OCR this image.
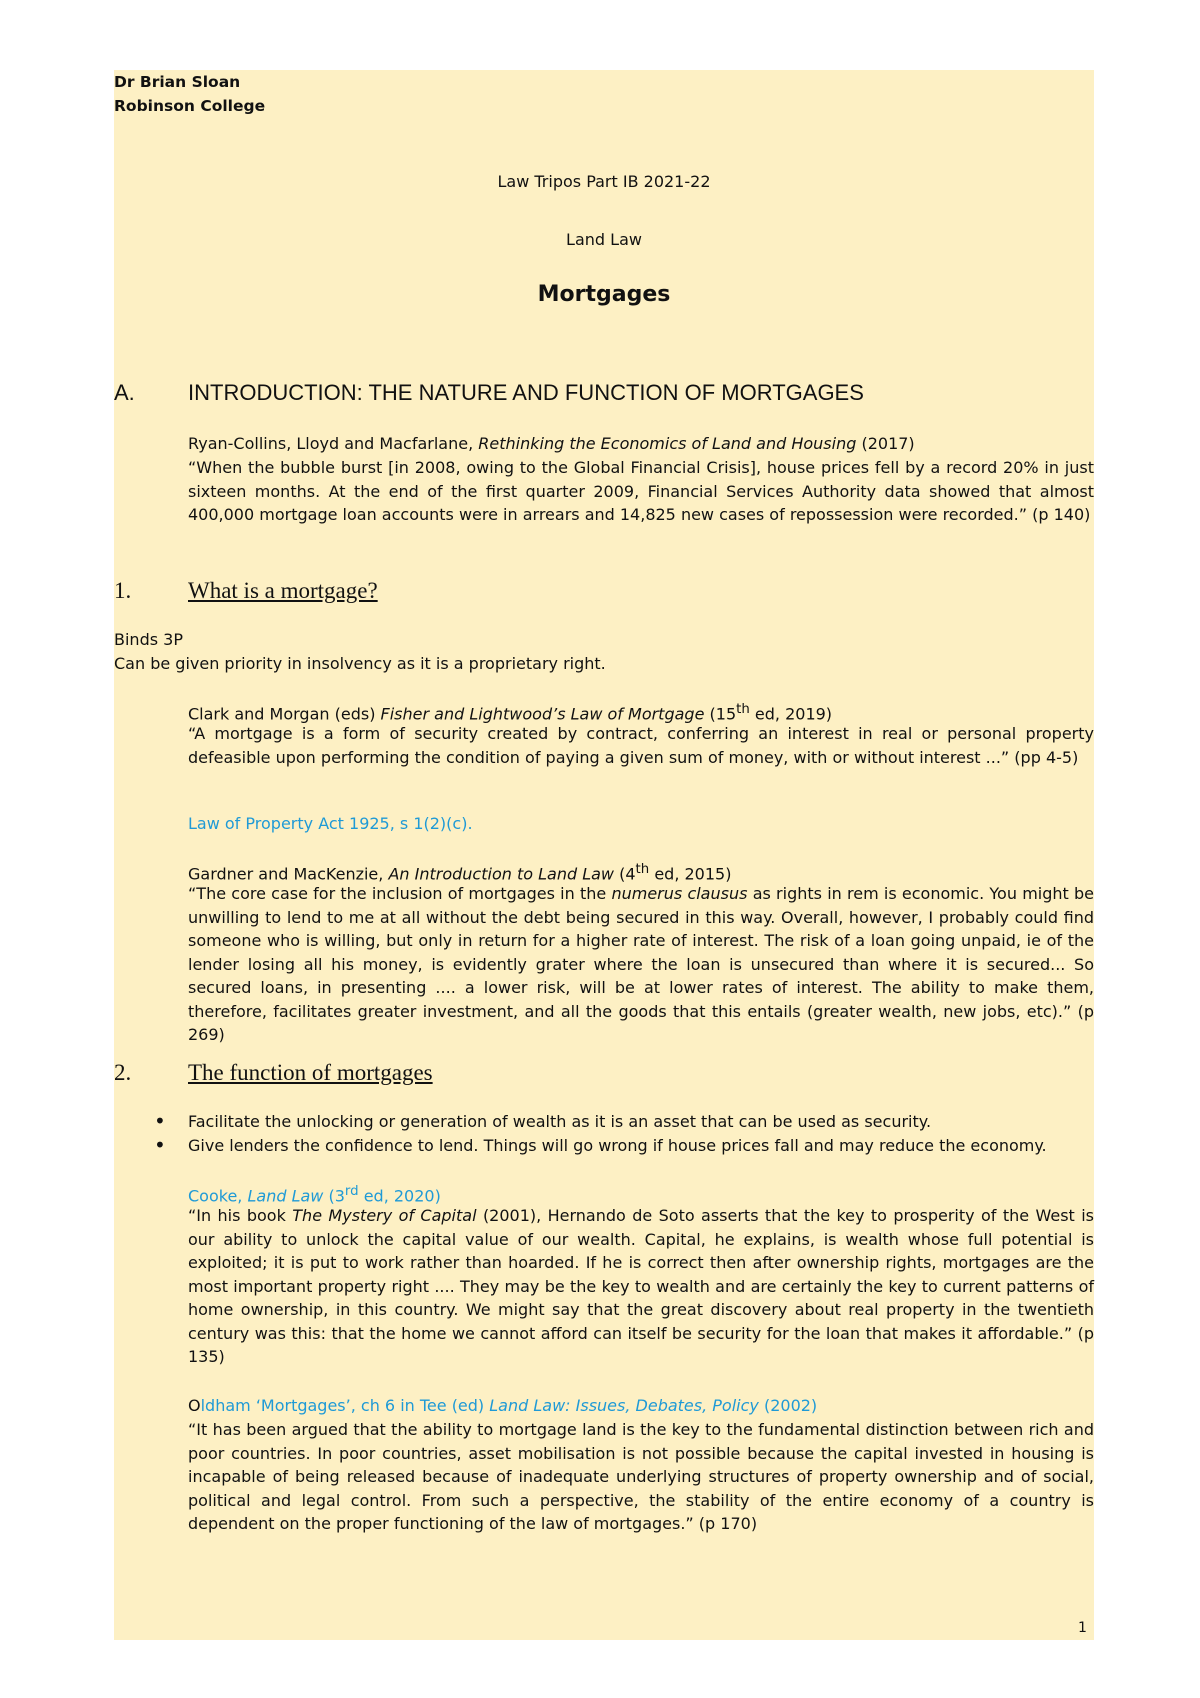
Dr Brian Sloan
Robinson College
Law Tripos Part IB 2021-22
Land Law
Mortgages
A. INTRODUCTION: THE NATURE AND FUNCTION OF MORTGAGES
Ryan-Collins, Lloyd and Macfarlane, Rethinking the Economics of Land and Housing (2017)
“When the bubble burst [in 2008, owing to the Global Financial Crisis], house prices fell by a record 20% in just sixteen months. At the end of the first quarter 2009, Financial Services Authority data showed that almost 400,000 mortgage loan accounts were in arrears and 14,825 new cases of repossession were recorded.” (p 140)
1. What is a mortgage?
Binds 3P
Can be given priority in insolvency as it is a proprietary right.
Clark and Morgan (eds) Fisher and Lightwood’s Law of Mortgage (15th ed, 2019)
“A mortgage is a form of security created by contract, conferring an interest in real or personal property defeasible upon performing the condition of paying a given sum of money, with or without interest ...” (pp 4-5)
Law of Property Act 1925, s 1(2)(c).
Gardner and MacKenzie, An Introduction to Land Law (4th ed, 2015)
“The core case for the inclusion of mortgages in the numerus clausus as rights in rem is economic. You might be unwilling to lend to me at all without the debt being secured in this way. Overall, however, I probably could find someone who is willing, but only in return for a higher rate of interest. The risk of a loan going unpaid, ie of the lender losing all his money, is evidently grater where the loan is unsecured than where it is secured... So secured loans, in presenting .... a lower risk, will be at lower rates of interest. The ability to make them, therefore, facilitates greater investment, and all the goods that this entails (greater wealth, new jobs, etc).” (p 269)
2. The function of mortgages
• Facilitate the unlocking or generation of wealth as it is an asset that can be used as security.
• Give lenders the confidence to lend. Things will go wrong if house prices fall and may reduce the economy.
Cooke, Land Law (3rd ed, 2020)
“In his book The Mystery of Capital (2001), Hernando de Soto asserts that the key to prosperity of the West is our ability to unlock the capital value of our wealth. Capital, he explains, is wealth whose full potential is exploited; it is put to work rather than hoarded. If he is correct then after ownership rights, mortgages are the most important property right .... They may be the key to wealth and are certainly the key to current patterns of home ownership, in this country. We might say that the great discovery about real property in the twentieth century was this: that the home we cannot afford can itself be security for the loan that makes it affordable.” (p 135)
Oldham ‘Mortgages’, ch 6 in Tee (ed) Land Law: Issues, Debates, Policy (2002)
“It has been argued that the ability to mortgage land is the key to the fundamental distinction between rich and poor countries. In poor countries, asset mobilisation is not possible because the capital invested in housing is incapable of being released because of inadequate underlying structures of property ownership and of social, political and legal control. From such a perspective, the stability of the entire economy of a country is dependent on the proper functioning of the law of mortgages.” (p 170)
1
